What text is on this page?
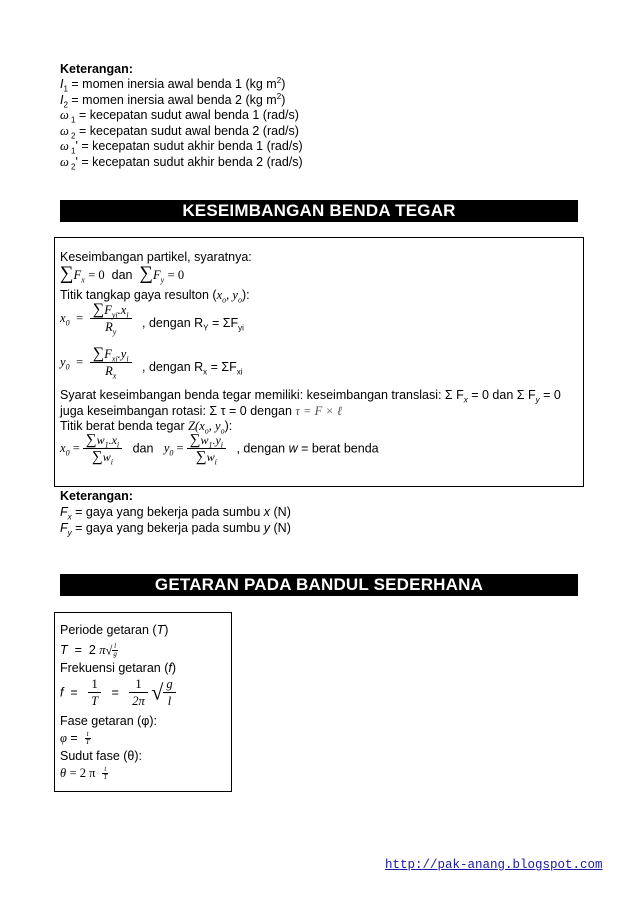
Keterangan:
$I_1$ = momen inersia awal benda 1 (kg $m^2$)
$I_2$ = momen inersia awal benda 2 (kg $m^2$)
ω $_1$ = kecepatan sudut awal benda 1 (rad/s)
ω $_2$ = kecepatan sudut awal benda 2 (rad/s)
ω $_1$' = kecepatan sudut akhir benda 1 (rad/s)
ω $_2$' = kecepatan sudut akhir benda 2 (rad/s)
KESEIMBANGAN BENDA TEGAR
Keseimbangan partikel, syaratnya:
$\sum F_x = 0$ dan $\sum F_y = 0$
Titik tangkap gaya resulton ($x_o$, $y_o$):
$x_0 = \frac{\sum F_{yi}.x_i}{R_y}$ , dengan $R_Y = \Sigma F_{yi}$
$y_0 = \frac{\sum F_{xi}.y_i}{R_x}$ , dengan $R_x = \Sigma F_{xi}$
Syarat keseimbangan benda tegar memiliki: keseimbangan translasi: Σ $F_x = 0$ dan Σ $F_y = 0$
juga keseimbangan rotasi: Σ τ = 0 dengan τ = F × ℓ
Titik berat benda tegar $Z(x_o$, $y_o$):
$x_0 = \frac{\sum w_1.x_i}{\sum w_i}$ dan $y_0 = \frac{\sum w_1.y_i}{\sum w_i}$ , dengan w = berat benda
Keterangan:
$F_x$ = gaya yang bekerja pada sumbu x (N)
$F_y$ = gaya yang bekerja pada sumbu y (N)
GETARAN PADA BANDUL SEDERHANA
Periode getaran (T)
T  =  2 $\pi√ \frac{l}{g}$
Frekuensi getaran (f)
$f = \frac{1}{T} = \frac{1}{2\pi}$ √ $\frac{g}{l}$
Fase getaran (φ):
$\varphi = \frac{t}{T}$
Sudut fase (θ):
θ = 2 π $\frac{t}{T}$
http://pak-anang.blogspot.com
